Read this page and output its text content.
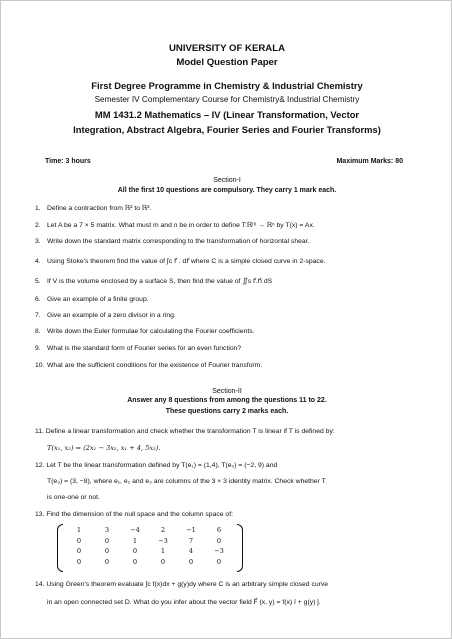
UNIVERSITY OF KERALA
Model Question Paper
First Degree Programme in Chemistry & Industrial Chemistry
Semester IV Complementary Course for Chemistry& Industrial Chemistry
MM 1431.2 Mathematics – IV (Linear Transformation, Vector
Integration, Abstract Algebra, Fourier Series and Fourier Transforms)
Time: 3 hours	Maximum Marks: 80
Section-I
All the first 10 questions are compulsory. They carry 1 mark each.
1. Define a contraction from ℝ² to ℝ².
2. Let A be a 7 × 5 matrix. What must m and n be in order to define T:ℝᵐ → ℝⁿ by T(x) = Ax.
3. Write down the standard matrix corresponding to the transformation of horizontal shear.
4. Using Stoke's theorem find the value of ∫c r⃗ . dr⃗ where C is a simple closed curve in 2-space.
5. If V is the volume enclosed by a surface S, then find the value of ∬s r⃗.n⃗ dS
6. Give an example of a finite group.
7. Give an example of a zero divisor in a ring.
8. Write down the Euler formulae for calculating the Fourier coefficients.
9. What is the standard form of Fourier series for an even function?
10. What are the sufficient conditions for the existence of Fourier transform.
Section-II
Answer any 8 questions from among the questions 11 to 22.
These questions carry 2 marks each.
11. Define a linear transformation and check whether the transformation T is linear if T is defined by:
T(x₁, x₂) = (2x₁ − 3x₂, x₁ + 4, 5x₂).
12. Let T be the linear transformation defined by T(e₁) = (1,4), T(e₂) = (−2, 9) and
T(e₃) = (3, −8), where e₁, e₂ and e₃ are columns of the 3 × 3 identity matrix. Check whether T
is one-one or not.
13. Find the dimension of the null space and the column space of:
1	3	−4	2	−1	6
0	0	1	−3	7	0
0	0	0	1	4	−3
0	0	0	0	0	0
14. Using Green's theorem evaluate ∫c f(x)dx + g(y)dy where C is an arbitrary simple closed curve
in an open connected set D. What do you infer about the vector field F⃗ (x, y) = f(x) î + g(y) ĵ.
